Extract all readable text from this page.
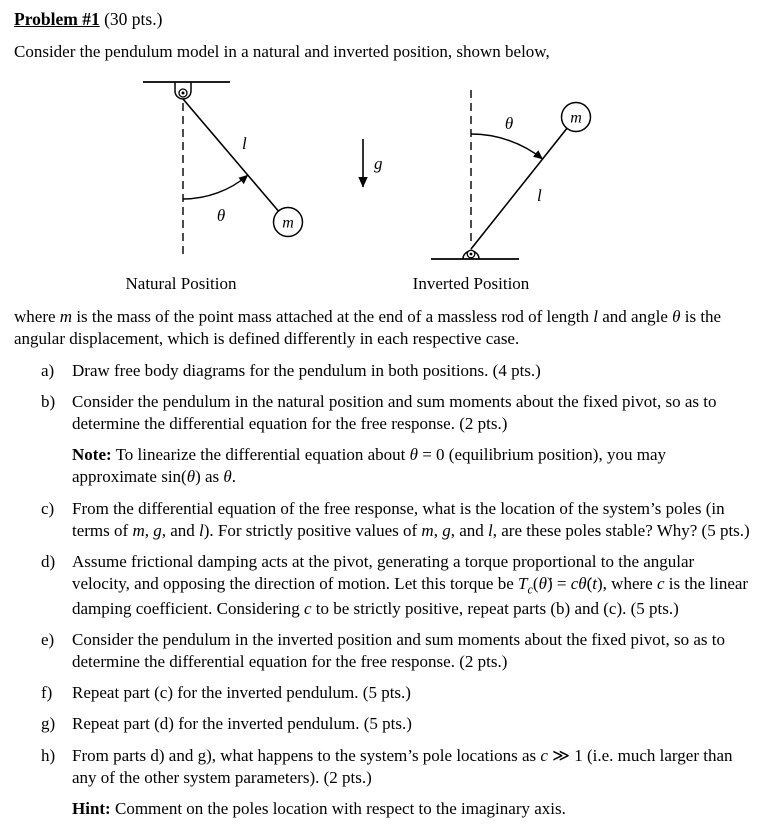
Problem #1 (30 pts.)

Consider the pendulum model in a natural and inverted position, shown below,

m
l
θ
Natural Position
g
m
l
θ
Inverted Position

where m is the mass of the point mass attached at the end of a massless rod of length l and angle θ is the angular displacement, which is defined differently in each respective case.

a)	Draw free body diagrams for the pendulum in both positions. (4 pts.)
b) Consider the pendulum in the natural position and sum moments about the fixed pivot, so as to determine the differential equation for the free response. (2 pts.)
Note: To linearize the differential equation about θ = 0 (equilibrium position), you may approximate sin(θ) as θ.
c)	From the differential equation of the free response, what is the location of the system’s poles (in terms of m, g, and l). For strictly positive values of m, g, and l, are these poles stable? Why? (5 pts.)
d) Assume frictional damping acts at the pivot, generating a torque proportional to the angular velocity, and opposing the direction of motion. Let this torque be $T_c(\thetȧ)$ = cθ̇(t), where c is the linear damping coefficient. Considering c to be strictly positive, repeat parts (b) and (c). (5 pts.)
e)	Consider the pendulum in the inverted position and sum moments about the fixed pivot, so as to determine the differential equation for the free response. (2 pts.)
f)	Repeat part (c) for the inverted pendulum. (5 pts.)
g) Repeat part (d) for the inverted pendulum. (5 pts.)
h) From parts d) and g), what happens to the system’s pole locations as c ≫ 1 (i.e. much larger than any of the other system parameters). (2 pts.)
Hint: Comment on the poles location with respect to the imaginary axis.
